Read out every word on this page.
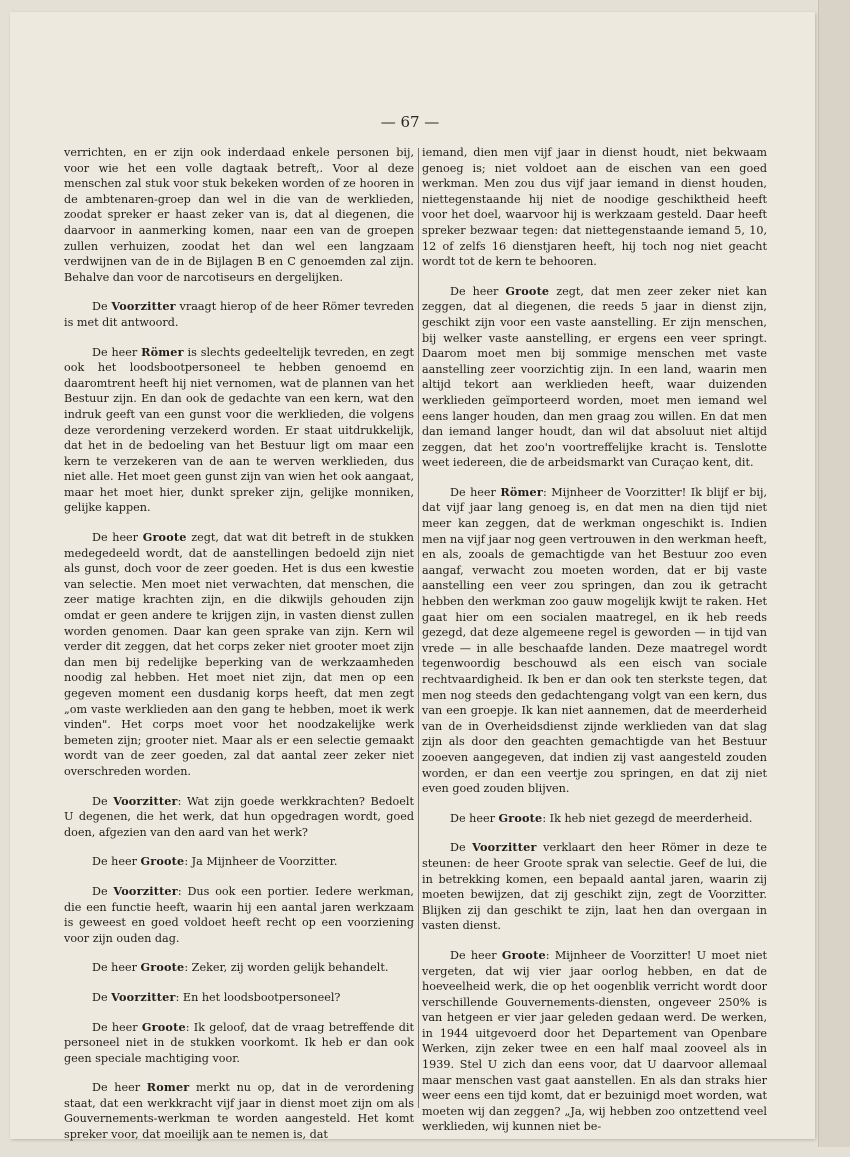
— 67 —

verrichten, en er zijn ook inderdaad enkele personen bij, voor wie het een volle dagtaak betreft,. Voor al deze menschen zal stuk voor stuk bekeken worden of ze hooren in de ambtenaren-groep dan wel in die van de werklieden, zoodat spreker er haast zeker van is, dat al diegenen, die daarvoor in aanmerking komen, naar een van de groepen zullen verhuizen, zoodat het dan wel een langzaam verdwijnen van de in de Bijlagen B en C genoemden zal zijn. Behalve dan voor de narcotiseurs en dergelijken.

De Voorzitter vraagt hierop of de heer Römer tevreden is met dit antwoord.

De heer Römer is slechts gedeeltelijk tevreden, en zegt ook het loodsbootpersoneel te hebben genoemd en daaromtrent heeft hij niet vernomen, wat de plannen van het Bestuur zijn. En dan ook de gedachte van een kern, wat den indruk geeft van een gunst voor die werklieden, die volgens deze verordening verzekerd worden. Er staat uitdrukkelijk, dat het in de bedoeling van het Bestuur ligt om maar een kern te verzekeren van de aan te werven werklieden, dus niet alle. Het moet geen gunst zijn van wien het ook aangaat, maar het moet hier, dunkt spreker zijn, gelijke monniken, gelijke kappen.

De heer Groote zegt, dat wat dit betreft in de stukken medegedeeld wordt, dat de aanstellingen bedoeld zijn niet als gunst, doch voor de zeer goeden. Het is dus een kwestie van selectie. Men moet niet verwachten, dat menschen, die zeer matige krachten zijn, en die dikwijls gehouden zijn omdat er geen andere te krijgen zijn, in vasten dienst zullen worden genomen. Daar kan geen sprake van zijn. Kern wil verder dit zeggen, dat het corps zeker niet grooter moet zijn dan men bij redelijke beperking van de werkzaamheden noodig zal hebben. Het moet niet zijn, dat men op een gegeven moment een dusdanig korps heeft, dat men zegt „om vaste werklieden aan den gang te hebben, moet ik werk vinden". Het corps moet voor het noodzakelijke werk bemeten zijn; grooter niet. Maar als er een selectie gemaakt wordt van de zeer goeden, zal dat aantal zeer zeker niet overschreden worden.

De Voorzitter: Wat zijn goede werkkrachten? Bedoelt U degenen, die het werk, dat hun opgedragen wordt, goed doen, afgezien van den aard van het werk?

De heer Groote: Ja Mijnheer de Voorzitter.

De Voorzitter: Dus ook een portier. Iedere werkman, die een functie heeft, waarin hij een aantal jaren werkzaam is geweest en goed voldoet heeft recht op een voorziening voor zijn ouden dag.

De heer Groote: Zeker, zij worden gelijk behandelt.

De Voorzitter: En het loodsbootpersoneel?

De heer Groote: Ik geloof, dat de vraag betreffende dit personeel niet in de stukken voorkomt. Ik heb er dan ook geen speciale machtiging voor.

De heer Romer merkt nu op, dat in de verordening staat, dat een werkkracht vijf jaar in dienst moet zijn om als Gouvernements-werkman te worden aangesteld. Het komt spreker voor, dat moeilijk aan te nemen is, dat

iemand, dien men vijf jaar in dienst houdt, niet bekwaam genoeg is; niet voldoet aan de eischen van een goed werkman. Men zou dus vijf jaar iemand in dienst houden, niettegenstaande hij niet de noodige geschiktheid heeft voor het doel, waarvoor hij is werkzaam gesteld. Daar heeft spreker bezwaar tegen: dat niettegenstaande iemand 5, 10, 12 of zelfs 16 dienstjaren heeft, hij toch nog niet geacht wordt tot de kern te behooren.

De heer Groote zegt, dat men zeer zeker niet kan zeggen, dat al diegenen, die reeds 5 jaar in dienst zijn, geschikt zijn voor een vaste aanstelling. Er zijn menschen, bij welker vaste aanstelling, er ergens een veer springt. Daarom moet men bij sommige menschen met vaste aanstelling zeer voorzichtig zijn. In een land, waarin men altijd tekort aan werklieden heeft, waar duizenden werklieden geïmporteerd worden, moet men iemand wel eens langer houden, dan men graag zou willen. En dat men dan iemand langer houdt, dan wil dat absoluut niet altijd zeggen, dat het zoo'n voortreffelijke kracht is. Tenslotte weet iedereen, die de arbeidsmarkt van Curaçao kent, dit.

De heer Römer: Mijnheer de Voorzitter! Ik blijf er bij, dat vijf jaar lang genoeg is, en dat men na dien tijd niet meer kan zeggen, dat de werkman ongeschikt is. Indien men na vijf jaar nog geen vertrouwen in den werkman heeft, en als, zooals de gemachtigde van het Bestuur zoo even aangaf, verwacht zou moeten worden, dat er bij vaste aanstelling een veer zou springen, dan zou ik getracht hebben den werkman zoo gauw mogelijk kwijt te raken. Het gaat hier om een socialen maatregel, en ik heb reeds gezegd, dat deze algemeene regel is geworden — in tijd van vrede — in alle beschaafde landen. Deze maatregel wordt tegenwoordig beschouwd als een eisch van sociale rechtvaardigheid. Ik ben er dan ook ten sterkste tegen, dat men nog steeds den gedachtengang volgt van een kern, dus van een groepje. Ik kan niet aannemen, dat de meerderheid van de in Overheidsdienst zijnde werklieden van dat slag zijn als door den geachten gemachtigde van het Bestuur zooeven aangegeven, dat indien zij vast aangesteld zouden worden, er dan een veertje zou springen, en dat zij niet even goed zouden blijven.

De heer Groote: Ik heb niet gezegd de meerderheid.

De Voorzitter verklaart den heer Römer in deze te steunen: de heer Groote sprak van selectie. Geef de lui, die in betrekking komen, een bepaald aantal jaren, waarin zij moeten bewijzen, dat zij geschikt zijn, zegt de Voorzitter. Blijken zij dan geschikt te zijn, laat hen dan overgaan in vasten dienst.

De heer Groote: Mijnheer de Voorzitter! U moet niet vergeten, dat wij vier jaar oorlog hebben, en dat de hoeveelheid werk, die op het oogenblik verricht wordt door verschillende Gouvernements-diensten, ongeveer 250% is van hetgeen er vier jaar geleden gedaan werd. De werken, in 1944 uitgevoerd door het Departement van Openbare Werken, zijn zeker twee en een half maal zooveel als in 1939. Stel U zich dan eens voor, dat U daarvoor allemaal maar menschen vast gaat aanstellen. En als dan straks hier weer eens een tijd komt, dat er bezuinigd moet worden, wat moeten wij dan zeggen? „Ja, wij hebben zoo ontzettend veel werklieden, wij kunnen niet be-
